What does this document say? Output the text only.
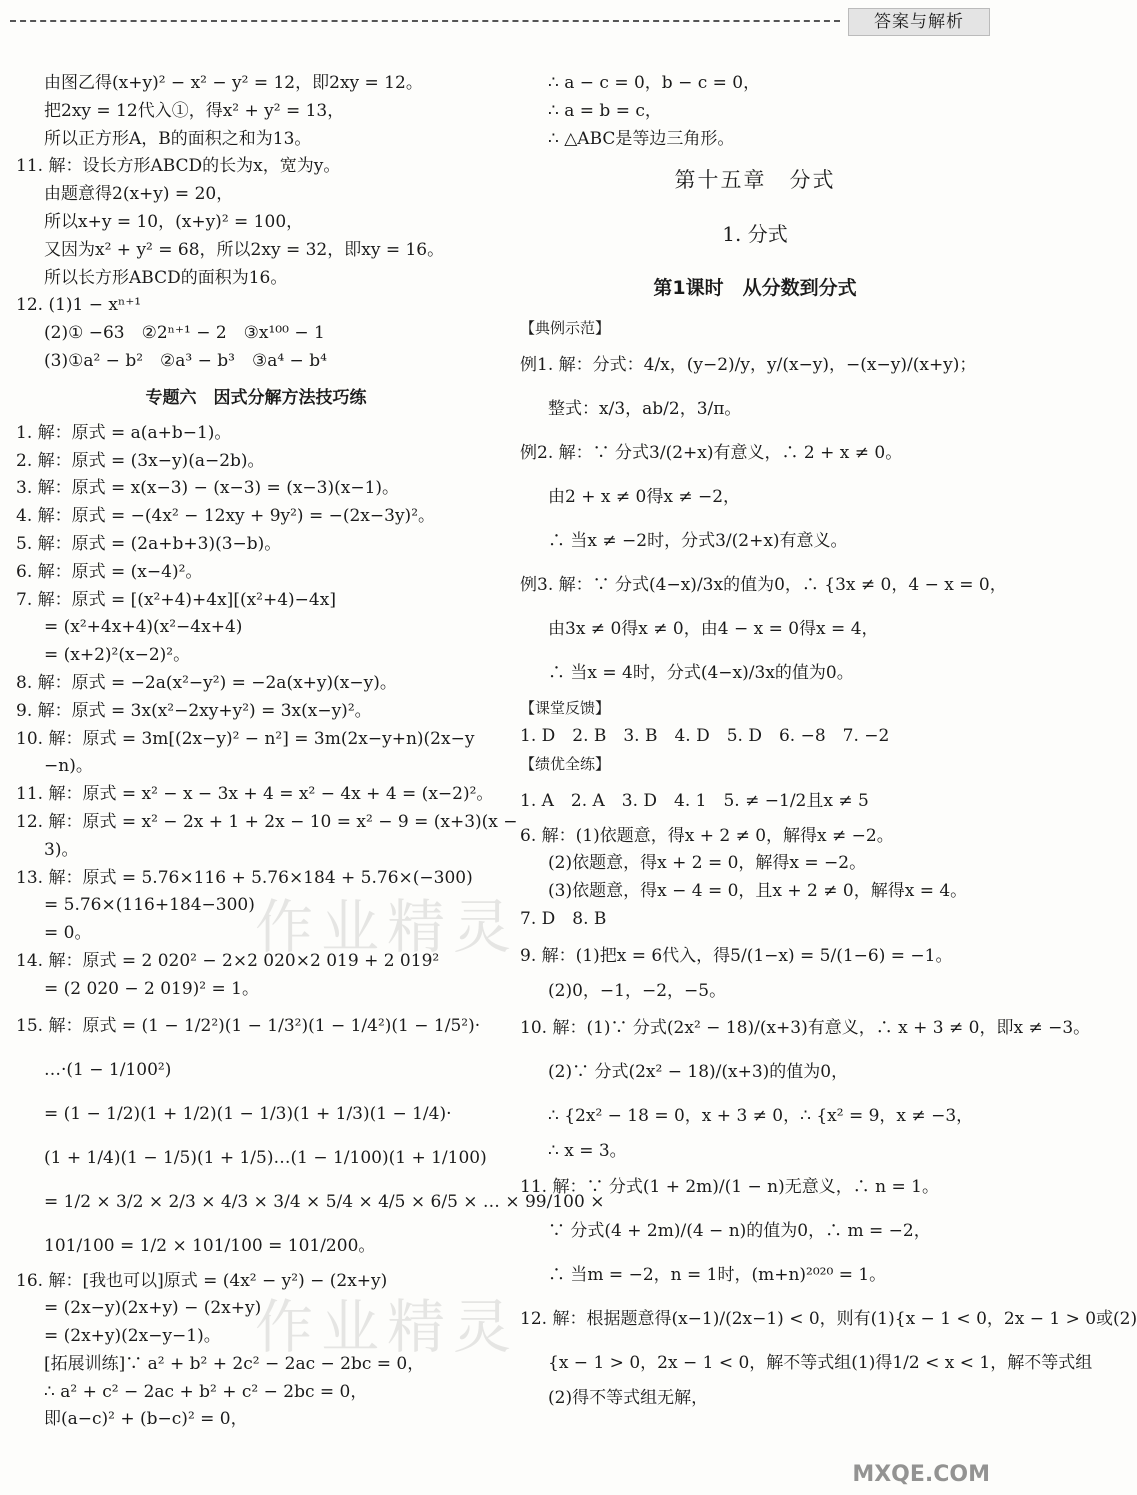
答案与解析
由图乙得(x+y)² − x² − y² = 12，即2xy = 12。
把2xy = 12代入①，得x² + y² = 13，
所以正方形A，B的面积之和为13。
11. 解：设长方形ABCD的长为x，宽为y。
由题意得2(x+y) = 20，
所以x+y = 10，(x+y)² = 100，
又因为x² + y² = 68，所以2xy = 32，即xy = 16。
所以长方形ABCD的面积为16。
12. (1)1 − xⁿ⁺¹
(2)① −63　②2ⁿ⁺¹ − 2　③x¹⁰⁰ − 1
(3)①a² − b²　②a³ − b³　③a⁴ − b⁴
专题六　因式分解方法技巧练
1. 解：原式 = a(a+b−1)。
2. 解：原式 = (3x−y)(a−2b)。
3. 解：原式 = x(x−3) − (x−3) = (x−3)(x−1)。
4. 解：原式 = −(4x² − 12xy + 9y²) = −(2x−3y)²。
5. 解：原式 = (2a+b+3)(3−b)。
6. 解：原式 = (x−4)²。
7. 解：原式 = [(x²+4)+4x][(x²+4)−4x]
= (x²+4x+4)(x²−4x+4)
= (x+2)²(x−2)²。
8. 解：原式 = −2a(x²−y²) = −2a(x+y)(x−y)。
9. 解：原式 = 3x(x²−2xy+y²) = 3x(x−y)²。
10. 解：原式 = 3m[(2x−y)² − n²] = 3m(2x−y+n)(2x−y
−n)。
11. 解：原式 = x² − x − 3x + 4 = x² − 4x + 4 = (x−2)²。
12. 解：原式 = x² − 2x + 1 + 2x − 10 = x² − 9 = (x+3)(x −
3)。
13. 解：原式 = 5.76×116 + 5.76×184 + 5.76×(−300)
= 5.76×(116+184−300)
= 0。
14. 解：原式 = 2 020² − 2×2 020×2 019 + 2 019²
= (2 020 − 2 019)² = 1。
15. 解：原式 = (1 − 1/2²)(1 − 1/3²)(1 − 1/4²)(1 − 1/5²)·
…·(1 − 1/100²)
= (1 − 1/2)(1 + 1/2)(1 − 1/3)(1 + 1/3)(1 − 1/4)·
(1 + 1/4)(1 − 1/5)(1 + 1/5)…(1 − 1/100)(1 + 1/100)
= 1/2 × 3/2 × 2/3 × 4/3 × 3/4 × 5/4 × 4/5 × 6/5 × … × 99/100 ×
101/100 = 1/2 × 101/100 = 101/200。
16. 解：[我也可以]原式 = (4x² − y²) − (2x+y)
= (2x−y)(2x+y) − (2x+y)
= (2x+y)(2x−y−1)。
[拓展训练]∵ a² + b² + 2c² − 2ac − 2bc = 0，
∴ a² + c² − 2ac + b² + c² − 2bc = 0，
即(a−c)² + (b−c)² = 0，
∴ a − c = 0，b − c = 0，
∴ a = b = c，
∴ △ABC是等边三角形。
第十五章　分式
1. 分式
第1课时　从分数到分式
【典例示范】
例1. 解：分式：4/x，(y−2)/y，y/(x−y)，−(x−y)/(x+y)；
整式：x/3，ab/2，3/π。
例2. 解：∵ 分式3/(2+x)有意义，∴ 2 + x ≠ 0。
由2 + x ≠ 0得x ≠ −2，
∴ 当x ≠ −2时，分式3/(2+x)有意义。
例3. 解：∵ 分式(4−x)/3x的值为0，∴ {3x ≠ 0，4 − x = 0，
由3x ≠ 0得x ≠ 0，由4 − x = 0得x = 4，
∴ 当x = 4时，分式(4−x)/3x的值为0。
【课堂反馈】
1. D　2. B　3. B　4. D　5. D　6. −8　7. −2
【绩优全练】
1. A　2. A　3. D　4. 1　5. ≠ −1/2且x ≠ 5
6. 解：(1)依题意，得x + 2 ≠ 0，解得x ≠ −2。
(2)依题意，得x + 2 = 0，解得x = −2。
(3)依题意，得x − 4 = 0，且x + 2 ≠ 0，解得x = 4。
7. D　8. B
9. 解：(1)把x = 6代入，得5/(1−x) = 5/(1−6) = −1。
(2)0，−1，−2，−5。
10. 解：(1)∵ 分式(2x² − 18)/(x+3)有意义，∴ x + 3 ≠ 0，即x ≠ −3。
(2)∵ 分式(2x² − 18)/(x+3)的值为0，
∴ {2x² − 18 = 0，x + 3 ≠ 0，∴ {x² = 9，x ≠ −3，
∴ x = 3。
11. 解：∵ 分式(1 + 2m)/(1 − n)无意义，∴ n = 1。
∵ 分式(4 + 2m)/(4 − n)的值为0，∴ m = −2，
∴ 当m = −2，n = 1时，(m+n)²⁰²⁰ = 1。
12. 解：根据题意得(x−1)/(2x−1) < 0，则有(1){x − 1 < 0，2x − 1 > 0或(2)
{x − 1 > 0，2x − 1 < 0，解不等式组(1)得1/2 < x < 1，解不等式组
(2)得不等式组无解，
作业精灵
作业精灵
MXQE.COM
